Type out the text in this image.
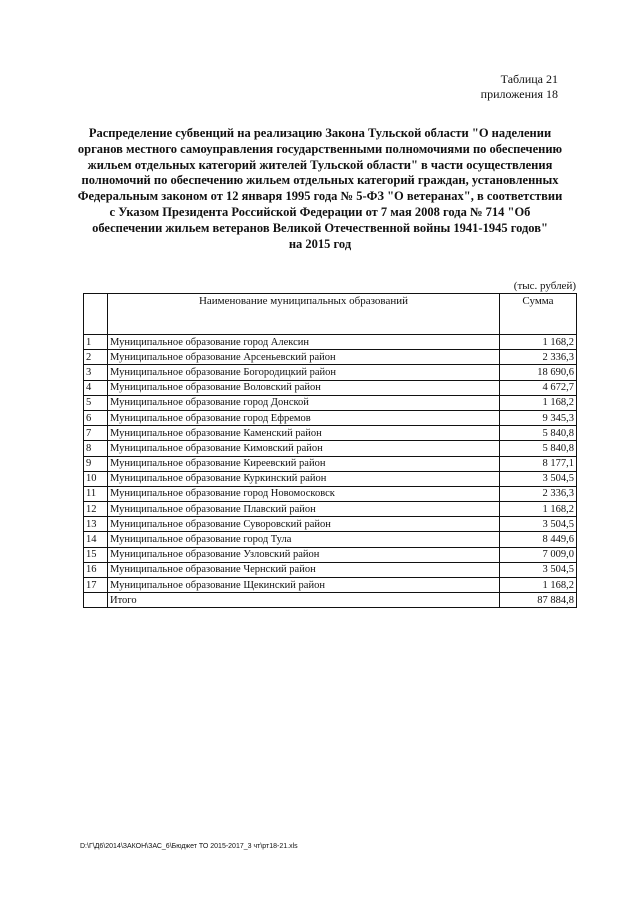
Таблица 21
приложения 18
Распределение субвенций на реализацию Закона Тульской области "О наделении
органов местного самоуправления государственными полномочиями по обеспечению
жильем отдельных категорий жителей Тульской области" в части осуществления
полномочий по обеспечению жильем отдельных категорий граждан, установленных
Федеральным законом от 12 января 1995 года № 5-ФЗ "О ветеранах", в соответствии
с Указом Президента Российской Федерации от 7 мая 2008 года № 714 "Об
обеспечении жильем ветеранов Великой Отечественной войны 1941-1945 годов"
на 2015 год
(тыс. рублей)
	Наименование муниципальных образований	Сумма
1	Муниципальное образование город Алексин	1 168,2
2	Муниципальное образование Арсеньевский район	2 336,3
3	Муниципальное образование Богородицкий район	18 690,6
4	Муниципальное образование Воловский район	4 672,7
5	Муниципальное образование город Донской	1 168,2
6	Муниципальное образование город Ефремов	9 345,3
7	Муниципальное образование Каменский район	5 840,8
8	Муниципальное образование Кимовский район	5 840,8
9	Муниципальное образование Киреевский район	8 177,1
10	Муниципальное образование Куркинский район	3 504,5
11	Муниципальное образование город Новомосковск	2 336,3
12	Муниципальное образование Плавский район	1 168,2
13	Муниципальное образование Суворовский район	3 504,5
14	Муниципальное образование город Тула	8 449,6
15	Муниципальное образование Узловский район	7 009,0
16	Муниципальное образование Чернский район	3 504,5
17	Муниципальное образование Щекинский район	1 168,2
	Итого	87 884,8
D:\Г\Д6\2014\ЗАКОН\ЗАС_6\Бюджет ТО 2015-2017_3 чт\рт18-21.xls
